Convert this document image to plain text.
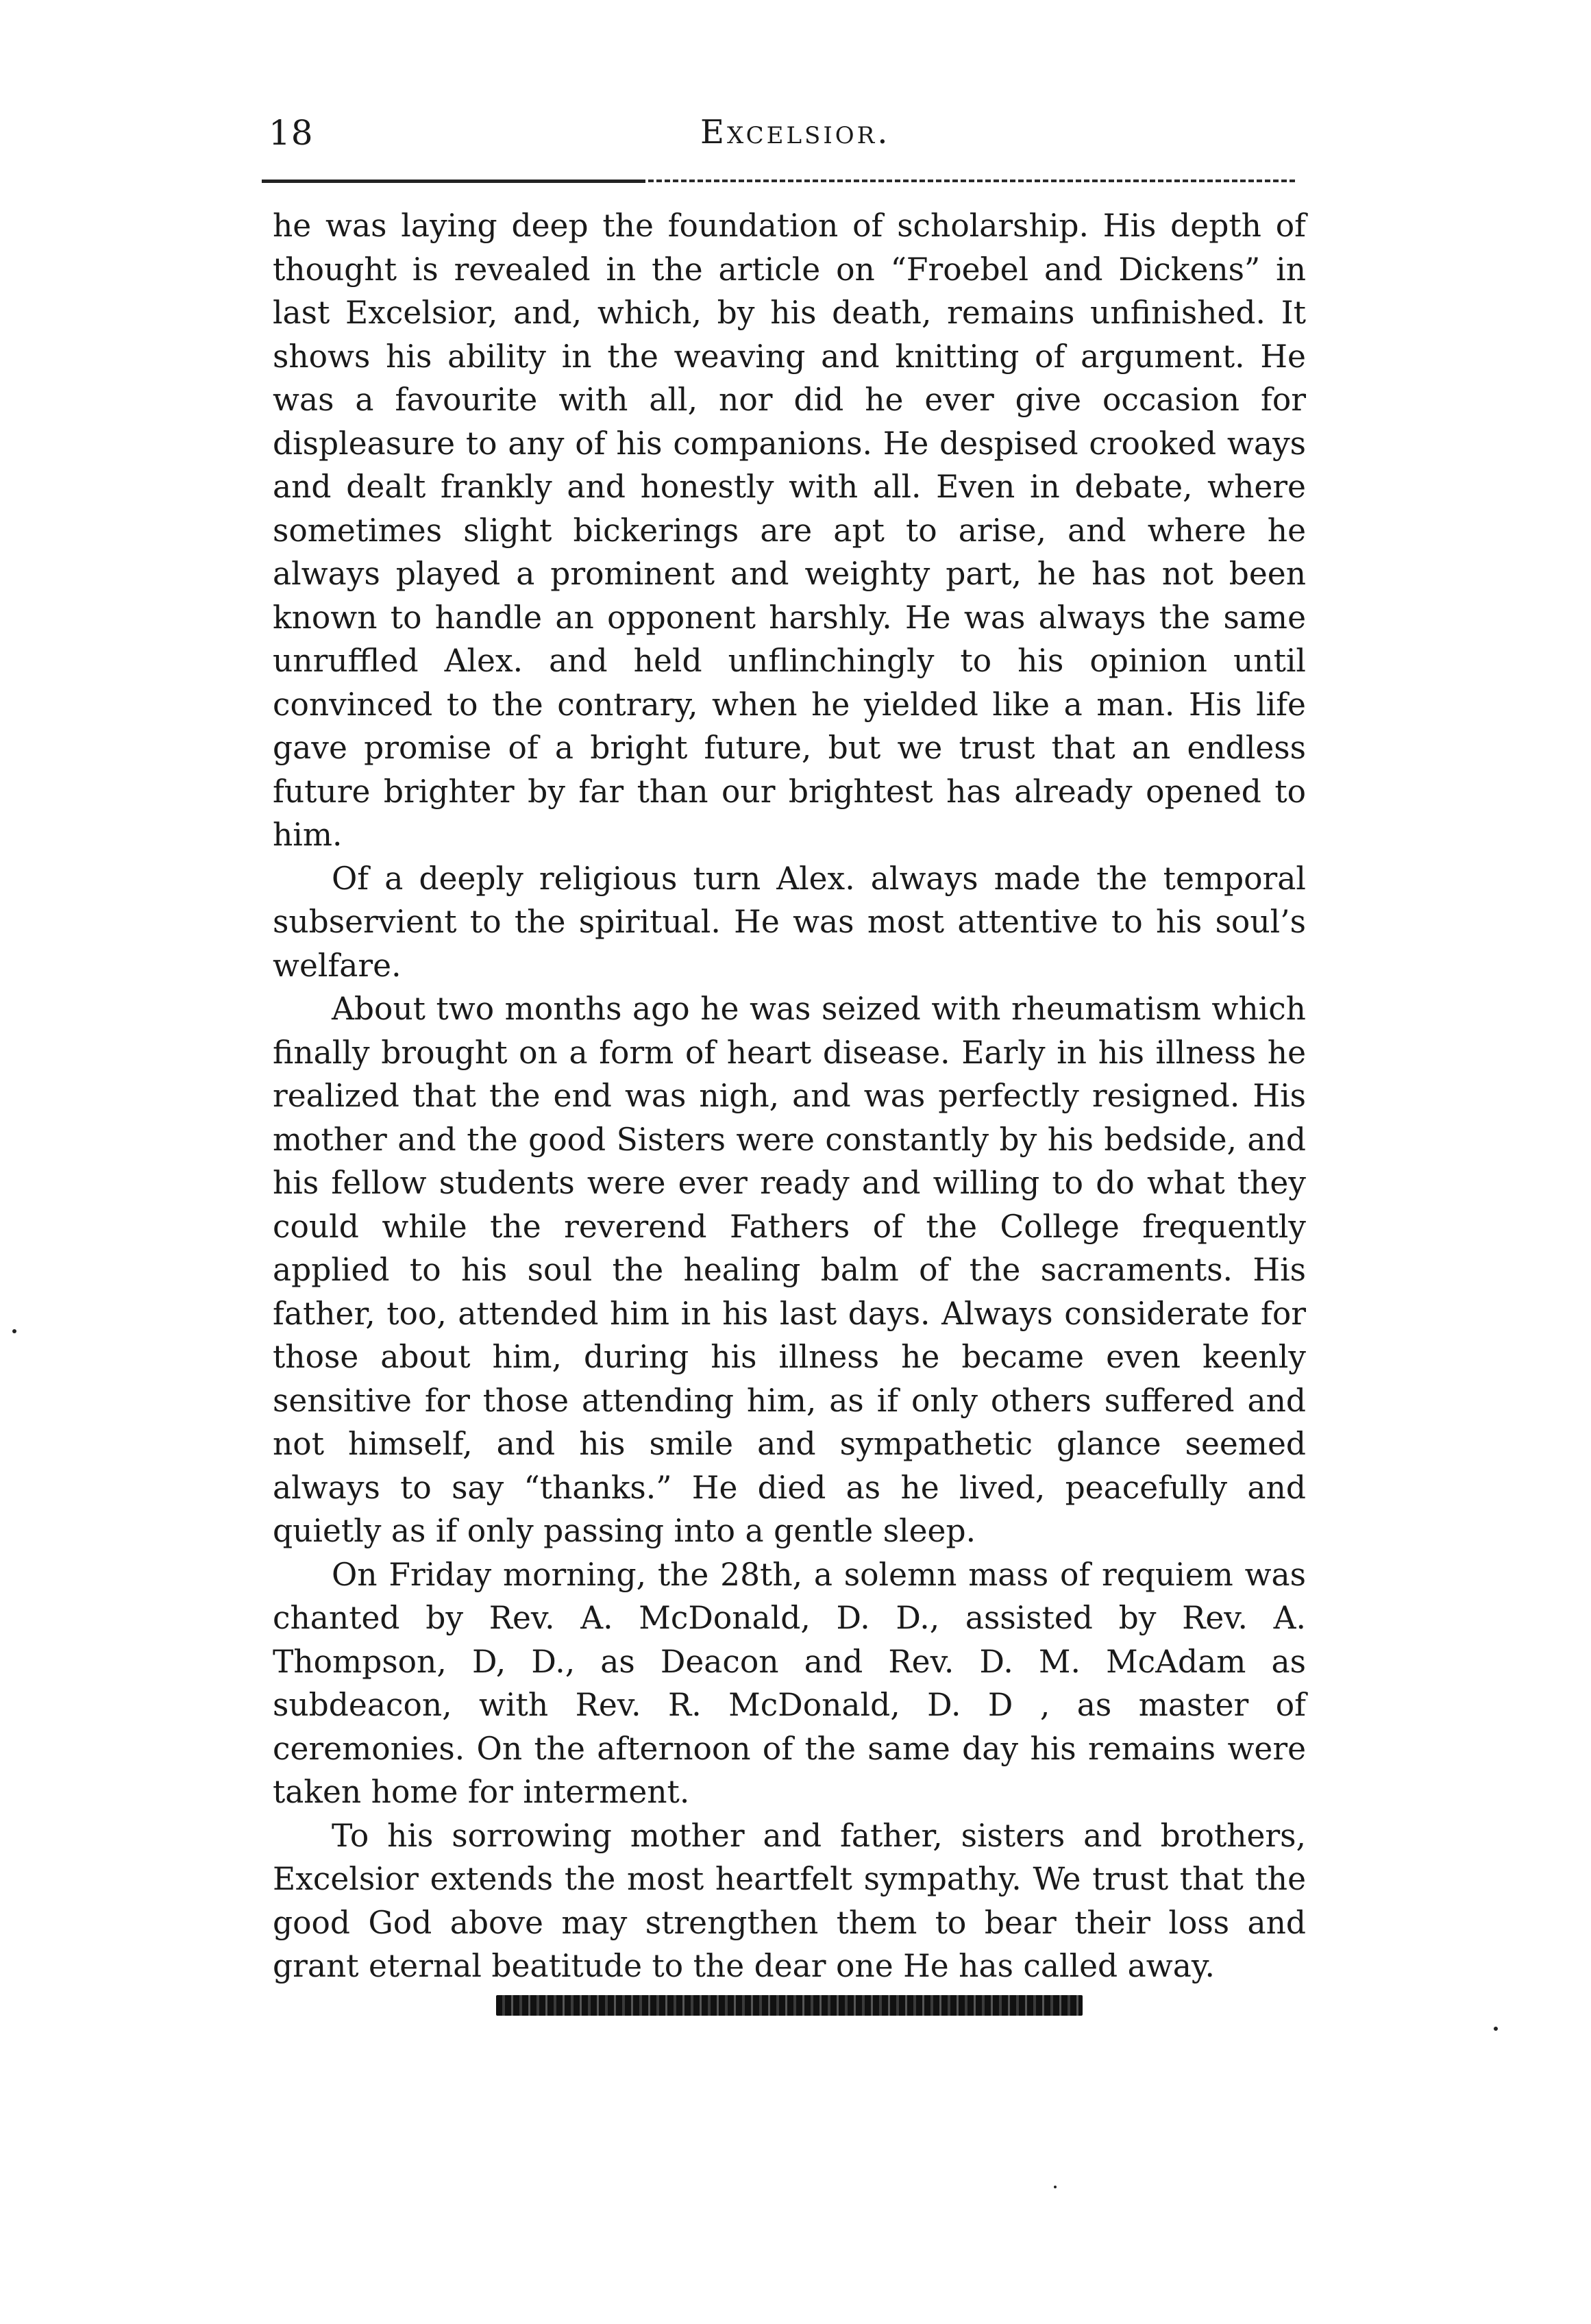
18	Excelsior.

he was laying deep the foundation of scholarship. His depth of thought is revealed in the article on “Froebel and Dickens” in last Excelsior, and, which, by his death, remains unfinished. It shows his ability in the weaving and knitting of argument. He was a favourite with all, nor did he ever give occasion for displeasure to any of his companions. He despised crooked ways and dealt frankly and honestly with all. Even in debate, where sometimes slight bickerings are apt to arise, and where he always played a prominent and weighty part, he has not been known to handle an opponent harshly. He was always the same unruffled Alex. and held unflinchingly to his opinion until convinced to the contrary, when he yielded like a man. His life gave promise of a bright future, but we trust that an endless future brighter by far than our brightest has already opened to him.

Of a deeply religious turn Alex. always made the temporal subservient to the spiritual. He was most attentive to his soul’s welfare.

About two months ago he was seized with rheumatism which finally brought on a form of heart disease. Early in his illness he realized that the end was nigh, and was perfectly resigned. His mother and the good Sisters were constantly by his bedside, and his fellow students were ever ready and willing to do what they could while the reverend Fathers of the College frequently applied to his soul the healing balm of the sacraments. His father, too, attended him in his last days. Always considerate for those about him, during his illness he became even keenly sensitive for those attending him, as if only others suffered and not himself, and his smile and sympathetic glance seemed always to say “thanks.” He died as he lived, peacefully and quietly as if only passing into a gentle sleep.

On Friday morning, the 28th, a solemn mass of requiem was chanted by Rev. A. McDonald, D. D., assisted by Rev. A. Thompson, D, D., as Deacon and Rev. D. M. McAdam as subdeacon, with Rev. R. McDonald, D. D , as master of ceremonies. On the afternoon of the same day his remains were taken home for interment.

To his sorrowing mother and father, sisters and brothers, Excelsior extends the most heartfelt sympathy. We trust that the good God above may strengthen them to bear their loss and grant eternal beatitude to the dear one He has called away.
